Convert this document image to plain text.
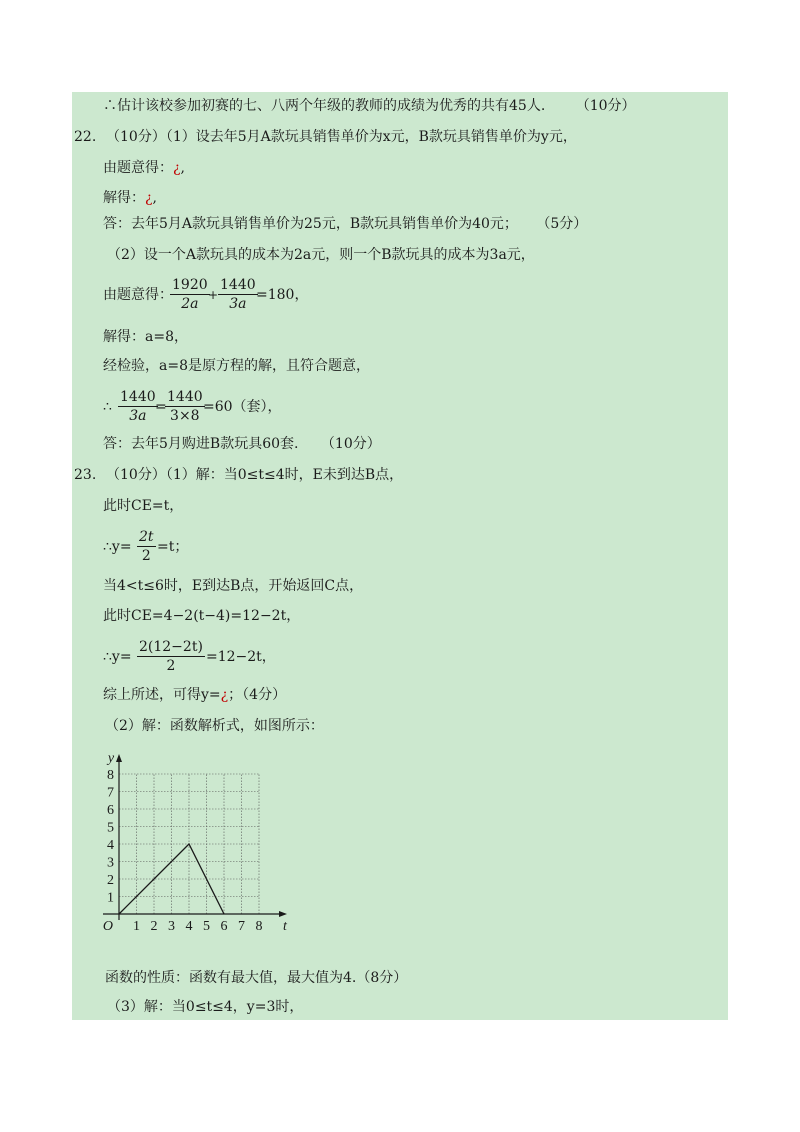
∴估计该校参加初赛的七、八两个年级的教师的成绩为优秀的共有45人. （10分）
22. （10分）（1）设去年5月A款玩具销售单价为x元，B款玩具销售单价为y元，
由题意得：¿,
解得：¿,
答：去年5月A款玩具销售单价为25元，B款玩具销售单价为40元； （5分）
（2）设一个A款玩具的成本为2a元，则一个B款玩具的成本为3a元，
由题意得：
$\frac{1920}{2a}$
+ $\frac{1440}{3a}$
=180，
解得：a=8，
经检验，a=8是原方程的解，且符合题意，
∴ $\frac{1440}{3a}$
=
$\frac{1440}{3\times 8}$
=60（套），
答：去年5月购进B款玩具60套. （10分）
23. （10分）（1）解：当0≤t≤4时，E未到达B点，
此时CE=t，
∴y= $\frac{2t}{2} =t$；
当4<t≤6时，E到达B点，开始返回C点，
此时CE=4−2(t−4)=12−2t，
∴y= $\frac{2(12-2t)}{2} =12-2t$，
综上所述，可得y=¿；（4分）
（2）解：函数解析式，如图所示：
1 2 3 4 5 6 7 8
1
2
3
4
5
6
7
8
O	t
y
函数的性质：函数有最大值，最大值为4.（8分）
（3）解：当0≤t≤4，y=3时，
